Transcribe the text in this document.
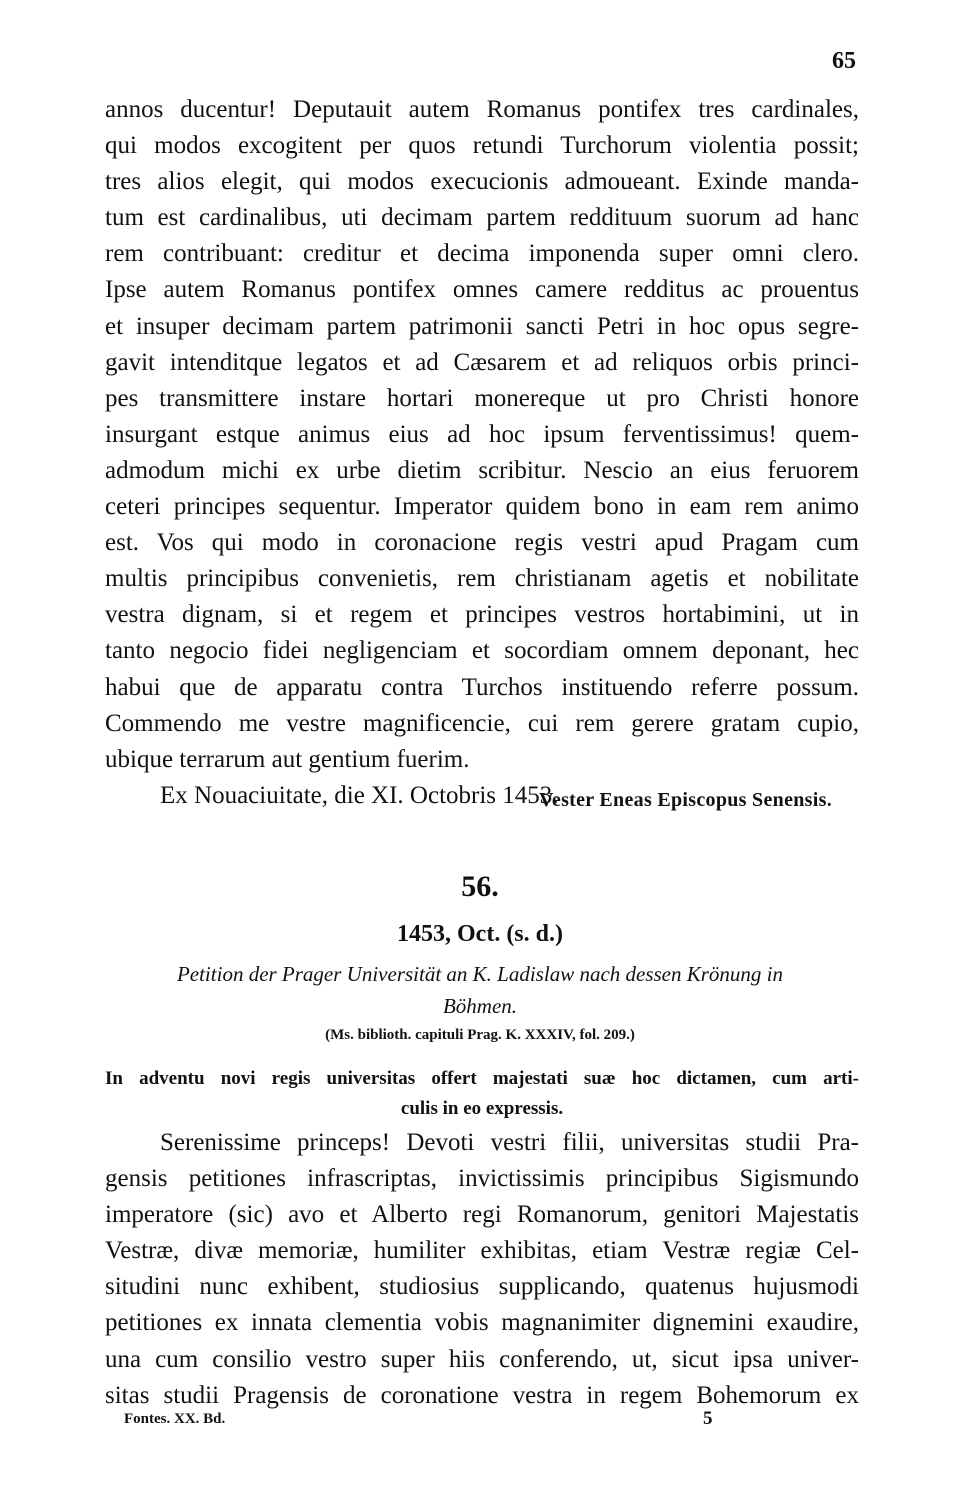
65
annos ducentur! Deputauit autem Romanus pontifex tres cardinales,
qui modos excogitent per quos retundi Turchorum violentia possit;
tres alios elegit, qui modos execucionis admoueant. Exinde manda-
tum est cardinalibus, uti decimam partem reddituum suorum ad hanc
rem contribuant: creditur et decima imponenda super omni clero.
Ipse autem Romanus pontifex omnes camere redditus ac prouentus
et insuper decimam partem patrimonii sancti Petri in hoc opus segre-
gavit intenditque legatos et ad Cæsarem et ad reliquos orbis princi-
pes transmittere instare hortari monereque ut pro Christi honore
insurgant estque animus eius ad hoc ipsum ferventissimus! quem-
admodum michi ex urbe dietim scribitur. Nescio an eius feruorem
ceteri principes sequentur. Imperator quidem bono in eam rem animo
est. Vos qui modo in coronacione regis vestri apud Pragam cum
multis principibus convenietis, rem christianam agetis et nobilitate
vestra dignam, si et regem et principes vestros hortabimini, ut in
tanto negocio fidei negligenciam et socordiam omnem deponant, hec
habui que de apparatu contra Turchos instituendo referre possum.
Commendo me vestre magnificencie, cui rem gerere gratam cupio,
ubique terrarum aut gentium fuerim.
Ex Nouaciuitate, die XI. Octobris 1453.
Vester Eneas Episcopus Senensis.
56.
1453, Oct. (s. d.)
Petition der Prager Universität an K. Ladislaw nach dessen Krönung in
Böhmen.
(Ms. biblioth. capituli Prag. K. XXXIV, fol. 209.)
In adventu novi regis universitas offert majestati suæ hoc dictamen, cum arti-
culis in eo expressis.
Serenissime princeps! Devoti vestri filii, universitas studii Pra-
gensis petitiones infrascriptas, invictissimis principibus Sigismundo
imperatore (sic) avo et Alberto regi Romanorum, genitori Majestatis
Vestræ, divæ memoriæ, humiliter exhibitas, etiam Vestræ regiæ Cel-
situdini nunc exhibent, studiosius supplicando, quatenus hujusmodi
petitiones ex innata clementia vobis magnanimiter dignemini exaudire,
una cum consilio vestro super hiis conferendo, ut, sicut ipsa univer-
sitas studii Pragensis de coronatione vestra in regem Bohemorum ex
Fontes. XX. Bd.	5
